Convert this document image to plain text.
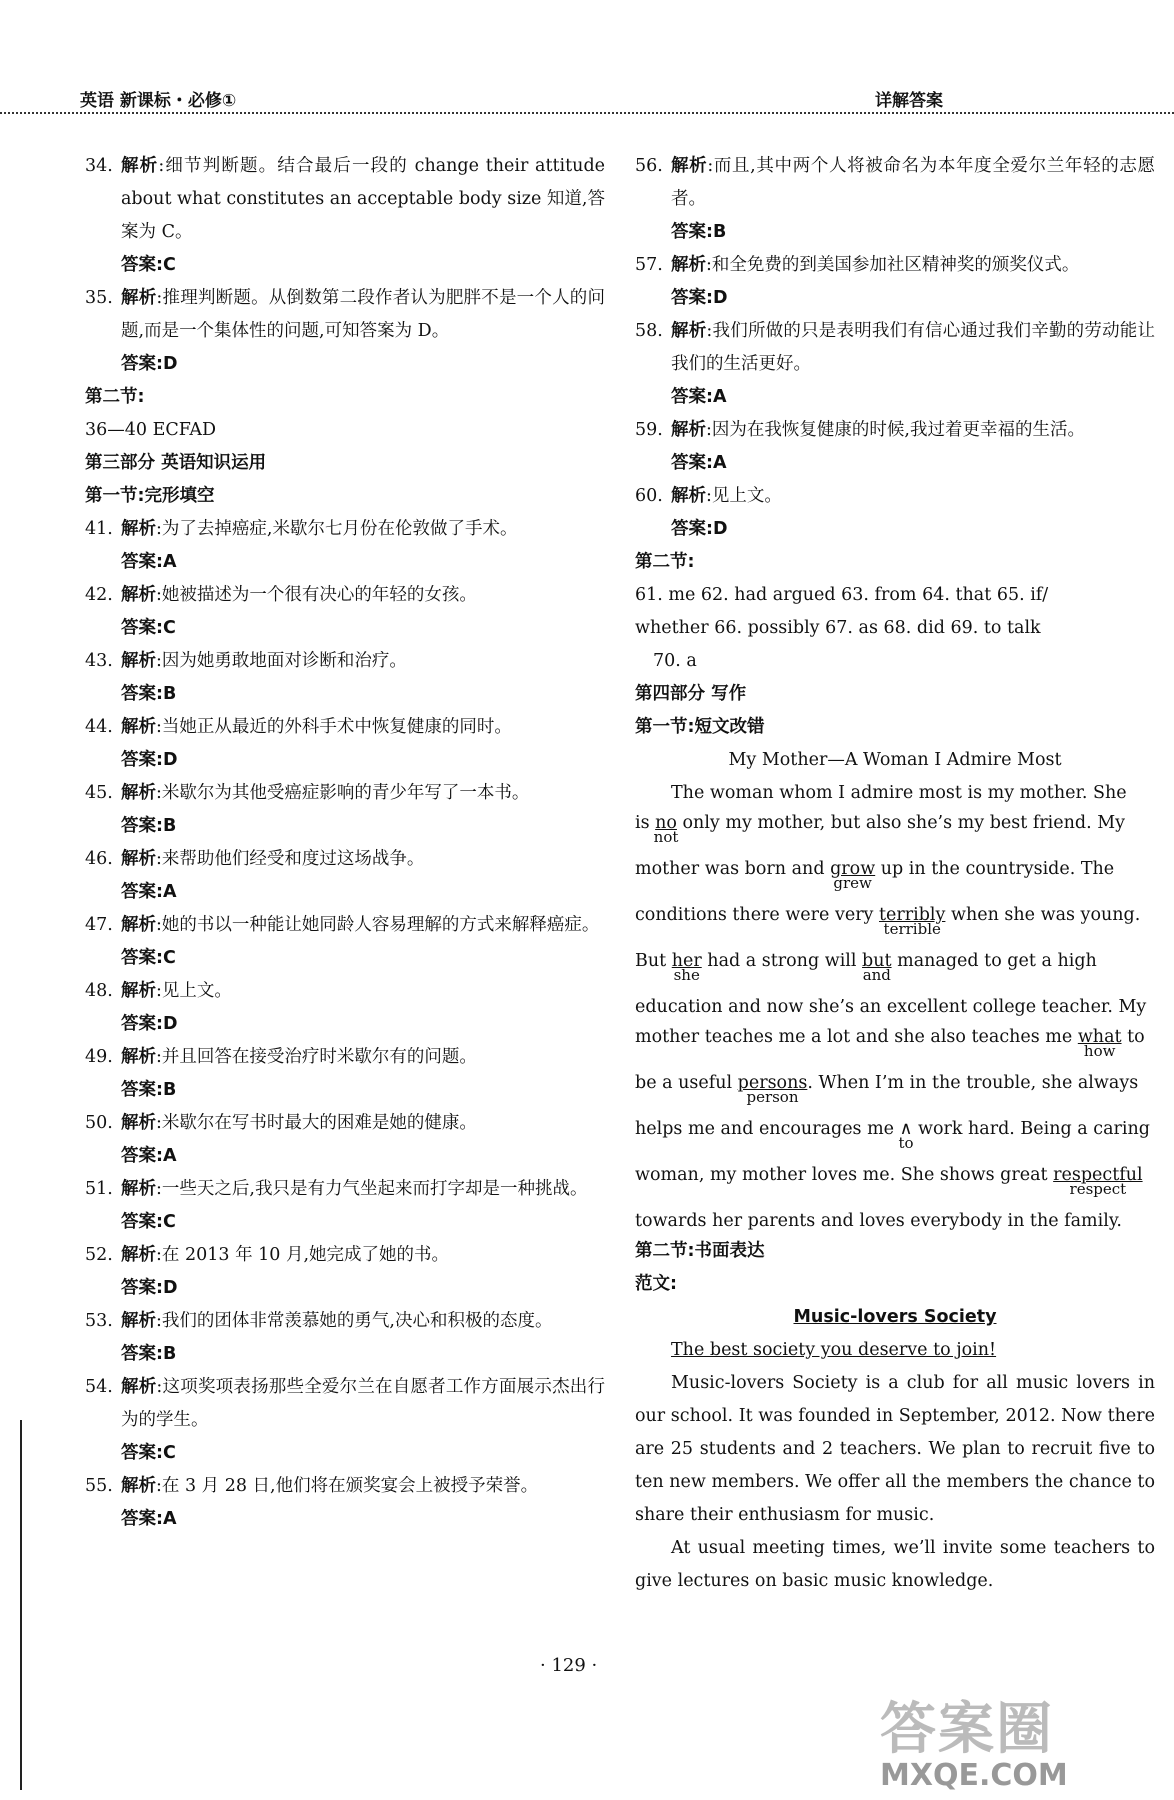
英语 新课标・必修①	详解答案
34. 解析:细节判断题。结合最后一段的 change their attitude about what constitutes an acceptable body size 知道,答案为 C。
答案:C
35. 解析:推理判断题。从倒数第二段作者认为肥胖不是一个人的问题,而是一个集体性的问题,可知答案为 D。
答案:D
第二节:
36—40 ECFAD
第三部分 英语知识运用
第一节:完形填空
41. 解析:为了去掉癌症,米歇尔七月份在伦敦做了手术。
答案:A
42. 解析:她被描述为一个很有决心的年轻的女孩。
答案:C
43. 解析:因为她勇敢地面对诊断和治疗。
答案:B
44. 解析:当她正从最近的外科手术中恢复健康的同时。
答案:D
45. 解析:米歇尔为其他受癌症影响的青少年写了一本书。
答案:B
46. 解析:来帮助他们经受和度过这场战争。
答案:A
47. 解析:她的书以一种能让她同龄人容易理解的方式来解释癌症。
答案:C
48. 解析:见上文。
答案:D
49. 解析:并且回答在接受治疗时米歇尔有的问题。
答案:B
50. 解析:米歇尔在写书时最大的困难是她的健康。
答案:A
51. 解析:一些天之后,我只是有力气坐起来而打字却是一种挑战。
答案:C
52. 解析:在 2013 年 10 月,她完成了她的书。
答案:D
53. 解析:我们的团体非常羡慕她的勇气,决心和积极的态度。
答案:B
54. 解析:这项奖项表扬那些全爱尔兰在自愿者工作方面展示杰出行为的学生。
答案:C
55. 解析:在 3 月 28 日,他们将在颁奖宴会上被授予荣誉。
答案:A
56. 解析:而且,其中两个人将被命名为本年度全爱尔兰年轻的志愿者。
答案:B
57. 解析:和全免费的到美国参加社区精神奖的颁奖仪式。
答案:D
58. 解析:我们所做的只是表明我们有信心通过我们辛勤的劳动能让我们的生活更好。
答案:A
59. 解析:因为在我恢复健康的时候,我过着更幸福的生活。
答案:A
60. 解析:见上文。
答案:D
第二节:
61. me 62. had argued 63. from 64. that 65. if/
whether 66. possibly 67. as 68. did 69. to talk
70. a
第四部分 写作
第一节:短文改错
My Mother—A Woman I Admire Most
The woman whom I admire most is my mother. She
is no
not
only my mother, but also she’s my best friend. My
mother was born and grow
grew
up in the countryside. The
conditions there were very terribly
terrible
when she was young.
But her
she
had a strong will but
and
managed to get a high
education and now she’s an excellent college teacher. My
mother teaches me a lot and she also teaches me what
how
to
be a useful persons
person
. When I’m in the trouble, she always
helps me and encourages me ∧
to
work hard. Being a caring
woman, my mother loves me. She shows great respectful
respect
towards her parents and loves everybody in the family.
第二节:书面表达
范文:
Music-lovers Society
The best society you deserve to join!
Music-lovers Society is a club for all music lovers in our school. It was founded in September, 2012. Now there are 25 students and 2 teachers. We plan to recruit five to ten new members. We offer all the members the chance to share their enthusiasm for music.
At usual meeting times, we’ll invite some teachers to give lectures on basic music knowledge.
· 129 ·
答案圈
MXQE.COM
